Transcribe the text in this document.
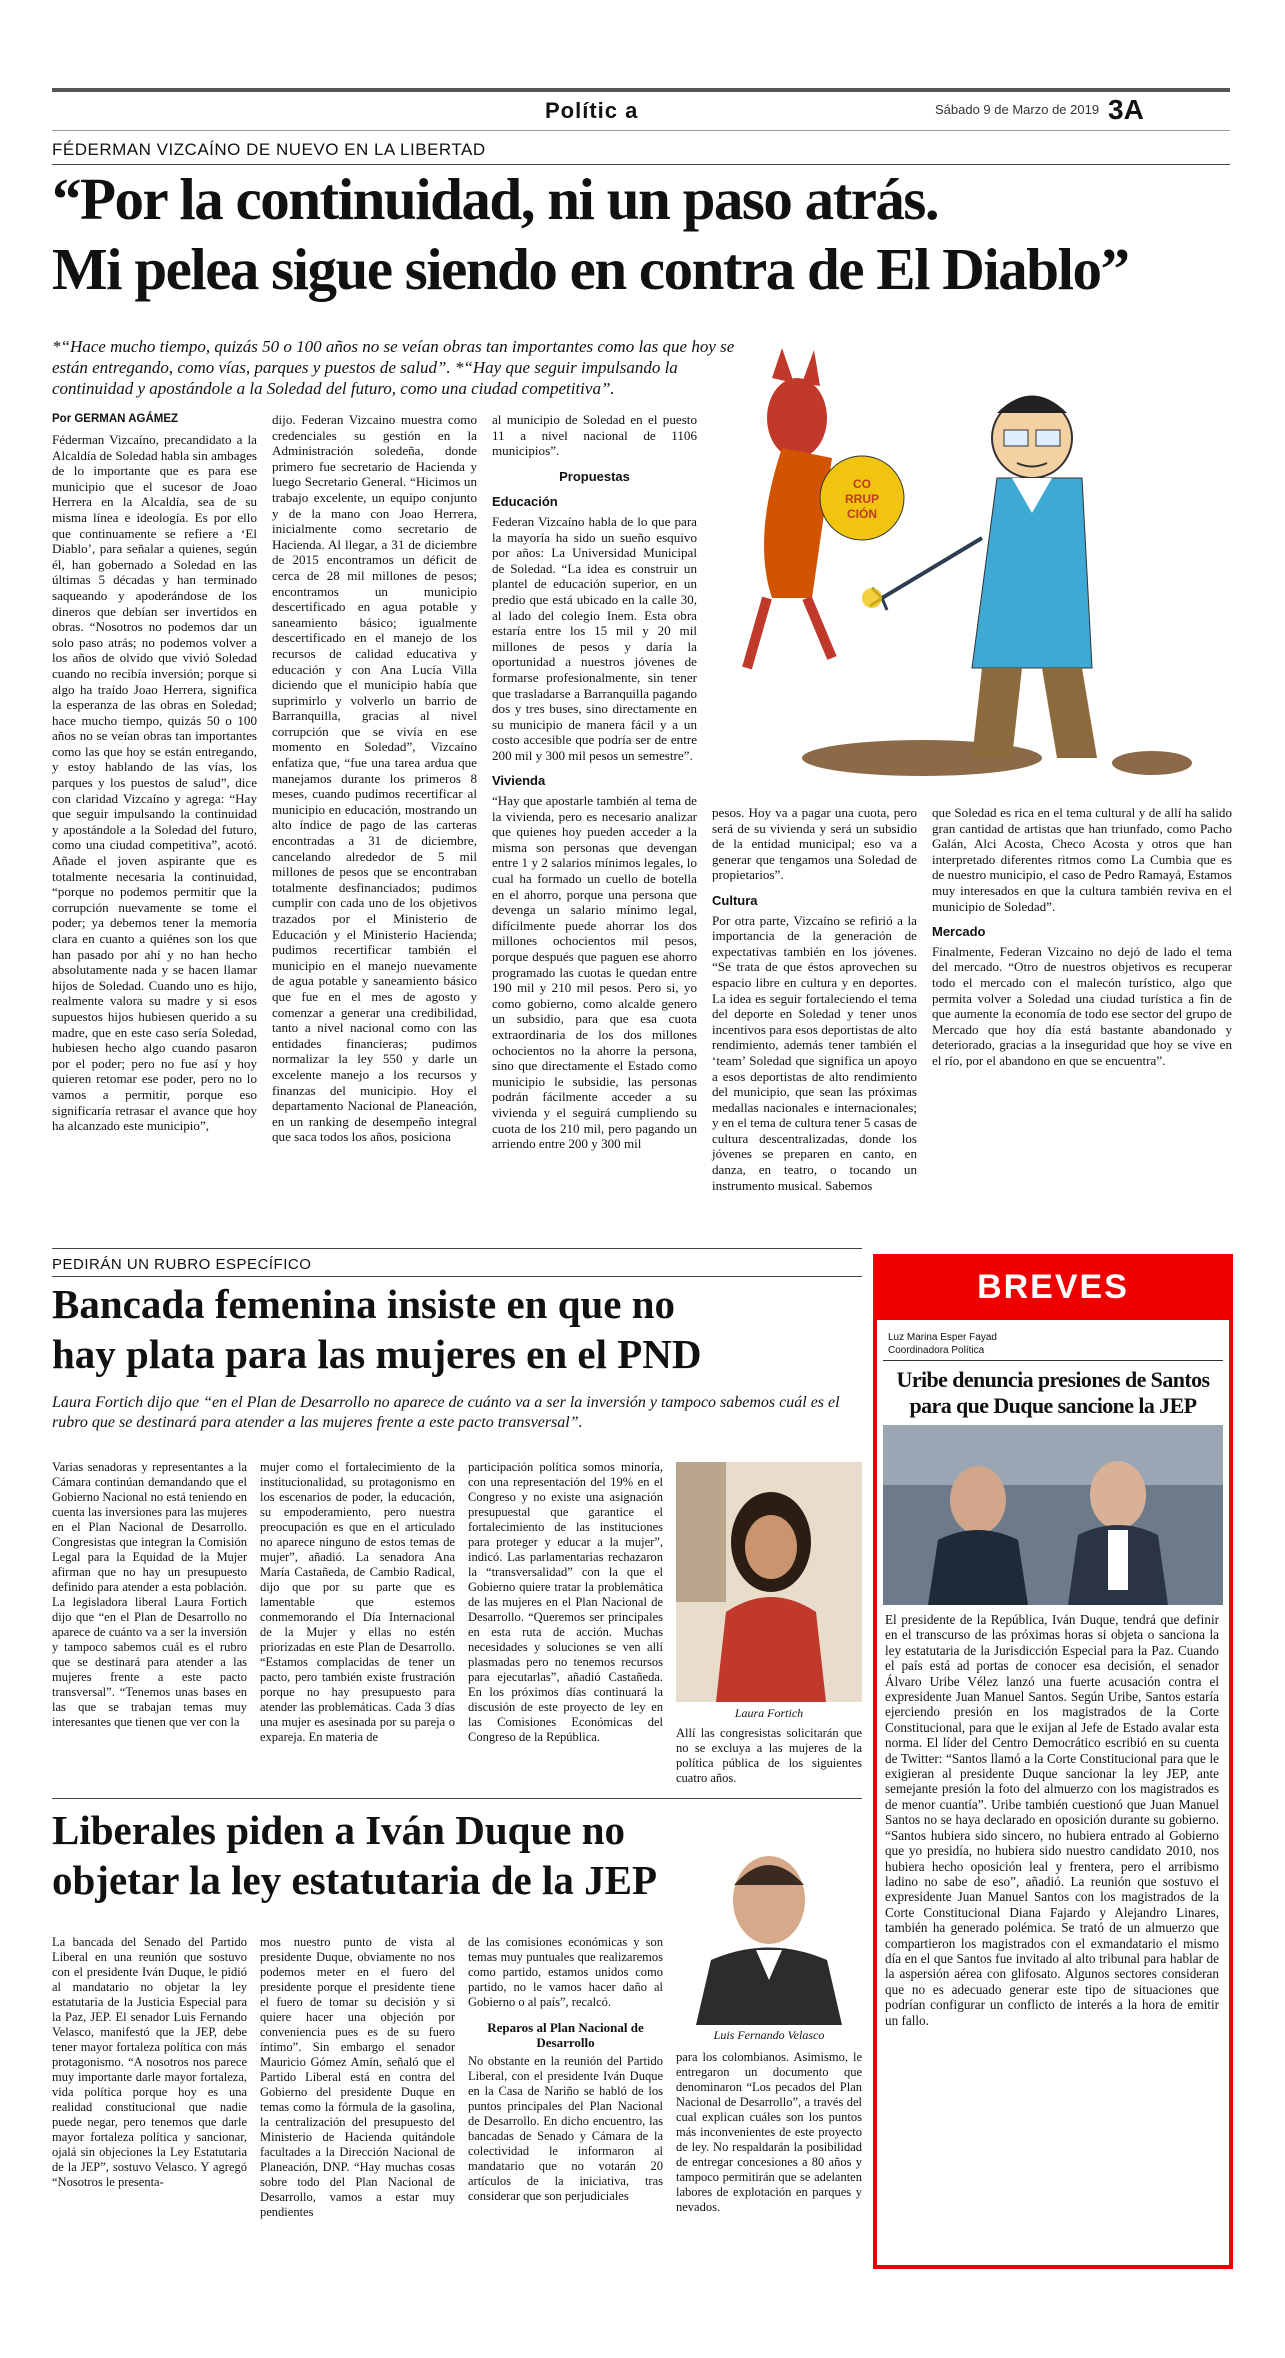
Polític a	Sábado 9 de Marzo de 2019 3A
FÉDERMAN VIZCAÍNO DE NUEVO EN LA LIBERTAD
“Por la continuidad, ni un paso atrás.
Mi pelea sigue siendo en contra de El Diablo”
*“Hace mucho tiempo, quizás 50 o 100 años no se veían obras tan importantes como las que hoy se están entregando, como vías, parques y puestos de salud”. *“Hay que seguir impulsando la continuidad y apostándole a la Soledad del futuro, como una ciudad competitiva”.
Por GERMAN AGÁMEZ
CO
RRUP
CIÓN

Féderman Vizcaíno, precandidato a la Alcaldía de Soledad habla sin ambages de lo importante que es para ese municipio que el sucesor de Joao Herrera en la Alcaldía, sea de su misma línea e ideología. Es por ello que continuamente se refiere a ‘El Diablo’, para señalar a quienes, según él, han gobernado a Soledad en las últimas 5 décadas y han terminado saqueando y apoderándose de los dineros que debían ser invertidos en obras. “Nosotros no podemos dar un solo paso atrás; no podemos volver a los años de olvido que vivió Soledad cuando no recibía inversión; porque si algo ha traído Joao Herrera, significa la esperanza de las obras en Soledad; hace mucho tiempo, quizás 50 o 100 años no se veían obras tan importantes como las que hoy se están entregando, y estoy hablando de las vías, los parques y los puestos de salud”, dice con claridad Vizcaíno y agrega: “Hay que seguir impulsando la continuidad y apostándole a la Soledad del futuro, como una ciudad competitiva”, acotó. Añade el joven aspirante que es totalmente necesaria la continuidad, “porque no podemos permitir que la corrupción nuevamente se tome el poder; ya debemos tener la memoria clara en cuanto a quiénes son los que han pasado por ahí y no han hecho absolutamente nada y se hacen llamar hijos de Soledad. Cuando uno es hijo, realmente valora su madre y si esos supuestos hijos hubiesen querido a su madre, que en este caso sería Soledad, hubiesen hecho algo cuando pasaron por el poder; pero no fue así y hoy quieren retomar ese poder, pero no lo vamos a permitir, porque eso significaría retrasar el avance que hoy ha alcanzado este municipio”,

dijo. Federan Vizcaino muestra como credenciales su gestión en la Administración soledeña, donde primero fue secretario de Hacienda y luego Secretario General. “Hicimos un trabajo excelente, un equipo conjunto y de la mano con Joao Herrera, inicialmente como secretario de Hacienda. Al llegar, a 31 de diciembre de 2015 encontramos un déficit de cerca de 28 mil millones de pesos; encontramos un municipio descertificado en agua potable y saneamiento básico; igualmente descertificado en el manejo de los recursos de calidad educativa y educación y con Ana Lucía Villa diciendo que el municipio había que suprimirlo y volverlo un barrio de Barranquilla, gracias al nivel corrupción que se vivía en ese momento en Soledad”, Vizcaíno enfatiza que, “fue una tarea ardua que manejamos durante los primeros 8 meses, cuando pudimos recertificar al municipio en educación, mostrando un alto índice de pago de las carteras encontradas a 31 de diciembre, cancelando alrededor de 5 mil millones de pesos que se encontraban totalmente desfinanciados; pudimos cumplir con cada uno de los objetivos trazados por el Ministerio de Educación y el Ministerio Hacienda; pudimos recertificar también el municipio en el manejo nuevamente de agua potable y saneamiento básico que fue en el mes de agosto y comenzar a generar una credibilidad, tanto a nivel nacional como con las entidades financieras; pudimos normalizar la ley 550 y darle un excelente manejo a los recursos y finanzas del municipio. Hoy el departamento Nacional de Planeación, en un ranking de desempeño integral que saca todos los años, posiciona

al municipio de Soledad en el puesto 11 a nivel nacional de 1106 municipios”.

Propuestas
Educación

Federan Vizcaíno habla de lo que para la mayoría ha sido un sueño esquivo por años: La Universidad Municipal de Soledad. “La idea es construir un plantel de educación superior, en un predio que está ubicado en la calle 30, al lado del colegio Inem. Esta obra estaría entre los 15 mil y 20 mil millones de pesos y daría la oportunidad a nuestros jóvenes de formarse profesionalmente, sin tener que trasladarse a Barranquilla pagando dos y tres buses, sino directamente en su municipio de manera fácil y a un costo accesible que podría ser de entre 200 mil y 300 mil pesos un semestre”.

Vivienda

“Hay que apostarle también al tema de la vivienda, pero es necesario analizar que quienes hoy pueden acceder a la misma son personas que devengan entre 1 y 2 salarios mínimos legales, lo cual ha formado un cuello de botella en el ahorro, porque una persona que devenga un salario mínimo legal, difícilmente puede ahorrar los dos millones ochocientos mil pesos, porque después que paguen ese ahorro programado las cuotas le quedan entre 190 mil y 210 mil pesos. Pero si, yo como gobierno, como alcalde genero un subsidio, para que esa cuota extraordinaria de los dos millones ochocientos no la ahorre la persona, sino que directamente el Estado como municipio le subsidie, las personas podrán fácilmente acceder a su vivienda y el seguirá cumpliendo su cuota de los 210 mil, pero pagando un arriendo entre 200 y 300 mil

pesos. Hoy va a pagar una cuota, pero será de su vivienda y será un subsidio de la entidad municipal; eso va a generar que tengamos una Soledad de propietarios”.

Cultura

Por otra parte, Vizcaíno se refirió a la importancia de la generación de expectativas también en los jóvenes. “Se trata de que éstos aprovechen su espacio libre en cultura y en deportes. La idea es seguir fortaleciendo el tema del deporte en Soledad y tener unos incentivos para esos deportistas de alto rendimiento, además tener también el ‘team’ Soledad que significa un apoyo a esos deportistas de alto rendimiento del municipio, que sean las próximas medallas nacionales e internacionales; y en el tema de cultura tener 5 casas de cultura descentralizadas, donde los jóvenes se preparen en canto, en danza, en teatro, o tocando un instrumento musical. Sabemos

que Soledad es rica en el tema cultural y de allí ha salido gran cantidad de artistas que han triunfado, como Pacho Galán, Alci Acosta, Checo Acosta y otros que han interpretado diferentes ritmos como La Cumbia que es de nuestro municipio, el caso de Pedro Ramayá, Estamos muy interesados en que la cultura también reviva en el municipio de Soledad”.

Mercado

Finalmente, Federan Vizcaino no dejó de lado el tema del mercado. “Otro de nuestros objetivos es recuperar todo el mercado con el malecón turístico, algo que permita volver a Soledad una ciudad turística a fin de que aumente la economía de todo ese sector del grupo de Mercado que hoy día está bastante abandonado y deteriorado, gracias a la inseguridad que hoy se vive en el río, por el abandono en que se encuentra”.

PEDIRÁN UN RUBRO ESPECÍFICO
Bancada femenina insiste en que no
hay plata para las mujeres en el PND
Laura Fortich dijo que “en el Plan de Desarrollo no aparece de cuánto va a ser la inversión y tampoco sabemos cuál es el rubro que se destinará para atender a las mujeres frente a este pacto transversal”.

Varias senadoras y representantes a la Cámara continúan demandando que el Gobierno Nacional no está teniendo en cuenta las inversiones para las mujeres en el Plan Nacional de Desarrollo. Congresistas que integran la Comisión Legal para la Equidad de la Mujer afirman que no hay un presupuesto definido para atender a esta población. La legisladora liberal Laura Fortich dijo que “en el Plan de Desarrollo no aparece de cuánto va a ser la inversión y tampoco sabemos cuál es el rubro que se destinará para atender a las mujeres frente a este pacto transversal”. “Tenemos unas bases en las que se trabajan temas muy interesantes que tienen que ver con la

mujer como el fortalecimiento de la institucionalidad, su protagonismo en los escenarios de poder, la educación, su empoderamiento, pero nuestra preocupación es que en el articulado no aparece ninguno de estos temas de mujer”, añadió. La senadora Ana María Castañeda, de Cambio Radical, dijo que por su parte que es lamentable que estemos conmemorando el Día Internacional de la Mujer y ellas no estén priorizadas en este Plan de Desarrollo. “Estamos complacidas de tener un pacto, pero también existe frustración porque no hay presupuesto para atender las problemáticas. Cada 3 días una mujer es asesinada por su pareja o expareja. En materia de

participación política somos minoría, con una representación del 19% en el Congreso y no existe una asignación presupuestal que garantice el fortalecimiento de las instituciones para proteger y educar a la mujer”, indicó. Las parlamentarias rechazaron la “transversalidad” con la que el Gobierno quiere tratar la problemática de las mujeres en el Plan Nacional de Desarrollo. “Queremos ser principales en esta ruta de acción. Muchas necesidades y soluciones se ven allí plasmadas pero no tenemos recursos para ejecutarlas”, añadió Castañeda. En los próximos días continuará la discusión de este proyecto de ley en las Comisiones Económicas del Congreso de la República.

Laura Fortich

Allí las congresistas solicitarán que no se excluya a las mujeres de la política pública de los siguientes cuatro años.

Liberales piden a Iván Duque no
objetar la ley estatutaria de la JEP

La bancada del Senado del Partido Liberal en una reunión que sostuvo con el presidente Iván Duque, le pidió al mandatario no objetar la ley estatutaria de la Justicia Especial para la Paz, JEP. El senador Luis Fernando Velasco, manifestó que la JEP, debe tener mayor fortaleza política con más protagonismo. “A nosotros nos parece muy importante darle mayor fortaleza, vida política porque hoy es una realidad constitucional que nadie puede negar, pero tenemos que darle mayor fortaleza política y sancionar, ojalá sin objeciones la Ley Estatutaria de la JEP”, sostuvo Velasco. Y agregó “Nosotros le presenta-

mos nuestro punto de vista al presidente Duque, obviamente no nos podemos meter en el fuero del presidente porque el presidente tiene el fuero de tomar su decisión y si quiere hacer una objeción por conveniencia pues es de su fuero íntimo”. Sin embargo el senador Mauricio Gómez Amín, señaló que el Partido Liberal está en contra del Gobierno del presidente Duque en temas como la fórmula de la gasolina, la centralización del presupuesto del Ministerio de Hacienda quitándole facultades a la Dirección Nacional de Planeación, DNP. “Hay muchas cosas sobre todo del Plan Nacional de Desarrollo, vamos a estar muy pendientes

de las comisiones económicas y son temas muy puntuales que realizaremos como partido, estamos unidos como partido, no le vamos hacer daño al Gobierno o al país”, recalcó.

Reparos al Plan Nacional de Desarrollo

No obstante en la reunión del Partido Liberal, con el presidente Iván Duque en la Casa de Nariño se habló de los puntos principales del Plan Nacional de Desarrollo. En dicho encuentro, las bancadas de Senado y Cámara de la colectividad le informaron al mandatario que no votarán 20 artículos de la iniciativa, tras considerar que son perjudiciales

Luis Fernando Velasco

para los colombianos. Asimismo, le entregaron un documento que denominaron “Los pecados del Plan Nacional de Desarrollo”, a través del cual explican cuáles son los puntos más inconvenientes de este proyecto de ley. No respaldarán la posibilidad de entregar concesiones a 80 años y tampoco permitirán que se adelanten labores de explotación en parques y nevados.

BREVES
Luz Marina Esper Fayad
Coordinadora Política
Uribe denuncia presiones de Santos
para que Duque sancione la JEP

El presidente de la República, Iván Duque, tendrá que definir en el transcurso de las próximas horas si objeta o sanciona la ley estatutaria de la Jurisdicción Especial para la Paz. Cuando el país está ad portas de conocer esa decisión, el senador Álvaro Uribe Vélez lanzó una fuerte acusación contra el expresidente Juan Manuel Santos. Según Uribe, Santos estaría ejerciendo presión en los magistrados de la Corte Constitucional, para que le exijan al Jefe de Estado avalar esta norma. El líder del Centro Democrático escribió en su cuenta de Twitter: “Santos llamó a la Corte Constitucional para que le exigieran al presidente Duque sancionar la ley JEP, ante semejante presión la foto del almuerzo con los magistrados es de menor cuantía”. Uribe también cuestionó que Juan Manuel Santos no se haya declarado en oposición durante su gobierno. “Santos hubiera sido sincero, no hubiera entrado al Gobierno que yo presidía, no hubiera sido nuestro candidato 2010, nos hubiera hecho oposición leal y frentera, pero el arribismo ladino no sabe de eso”, añadió. La reunión que sostuvo el expresidente Juan Manuel Santos con los magistrados de la Corte Constitucional Diana Fajardo y Alejandro Linares, también ha generado polémica. Se trató de un almuerzo que compartieron los magistrados con el exmandatario el mismo día en el que Santos fue invitado al alto tribunal para hablar de la aspersión aérea con glifosato. Algunos sectores consideran que no es adecuado generar este tipo de situaciones que podrían configurar un conflicto de interés a la hora de emitir un fallo.
